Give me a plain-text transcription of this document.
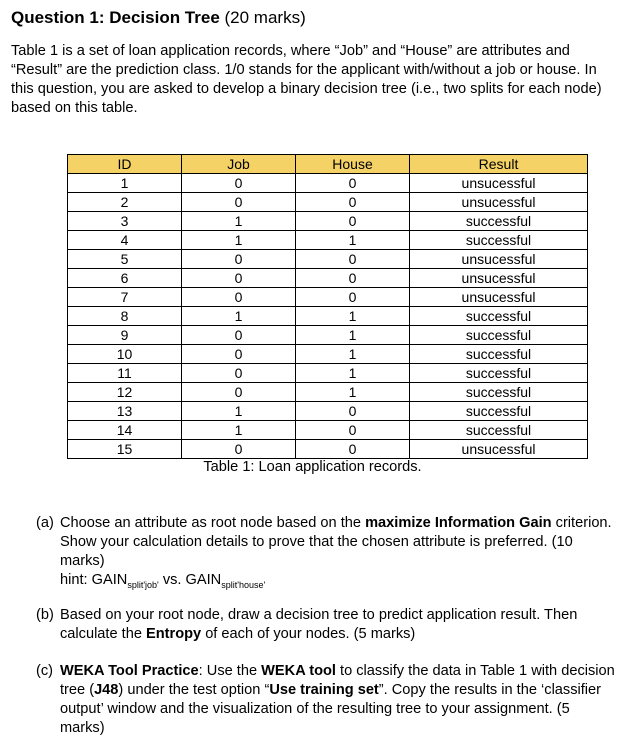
Question 1: Decision Tree (20 marks)

Table 1 is a set of loan application records, where “Job” and “House” are attributes and “Result” are the prediction class. 1/0 stands for the applicant with/without a job or house. In this question, you are asked to develop a binary decision tree (i.e., two splits for each node) based on this table.

ID	Job	House	Result
1	0	0	unsucessful
2	0	0	unsucessful
3	1	0	successful
4	1	1	successful
5	0	0	unsucessful
6	0	0	unsucessful
7	0	0	unsucessful
8	1	1	successful
9	0	1	successful
10	0	1	successful
11	0	1	successful
12	0	1	successful
13	1	0	successful
14	1	0	successful
15	0	0	unsucessful
Table 1: Loan application records.
(a) Choose an attribute as root node based on the maximize Information Gain criterion. Show your calculation details to prove that the chosen attribute is preferred. (10 marks)
hint: $GAIN_{split'job'}$ vs. $GAIN_{split'house'}$
(b) Based on your root node, draw a decision tree to predict application result. Then calculate the Entropy of each of your nodes. (5 marks)
(c) WEKA Tool Practice: Use the WEKA tool to classify the data in Table 1 with decision tree (J48) under the test option “Use training set”. Copy the results in the ‘classifier output’ window and the visualization of the resulting tree to your assignment. (5 marks)
